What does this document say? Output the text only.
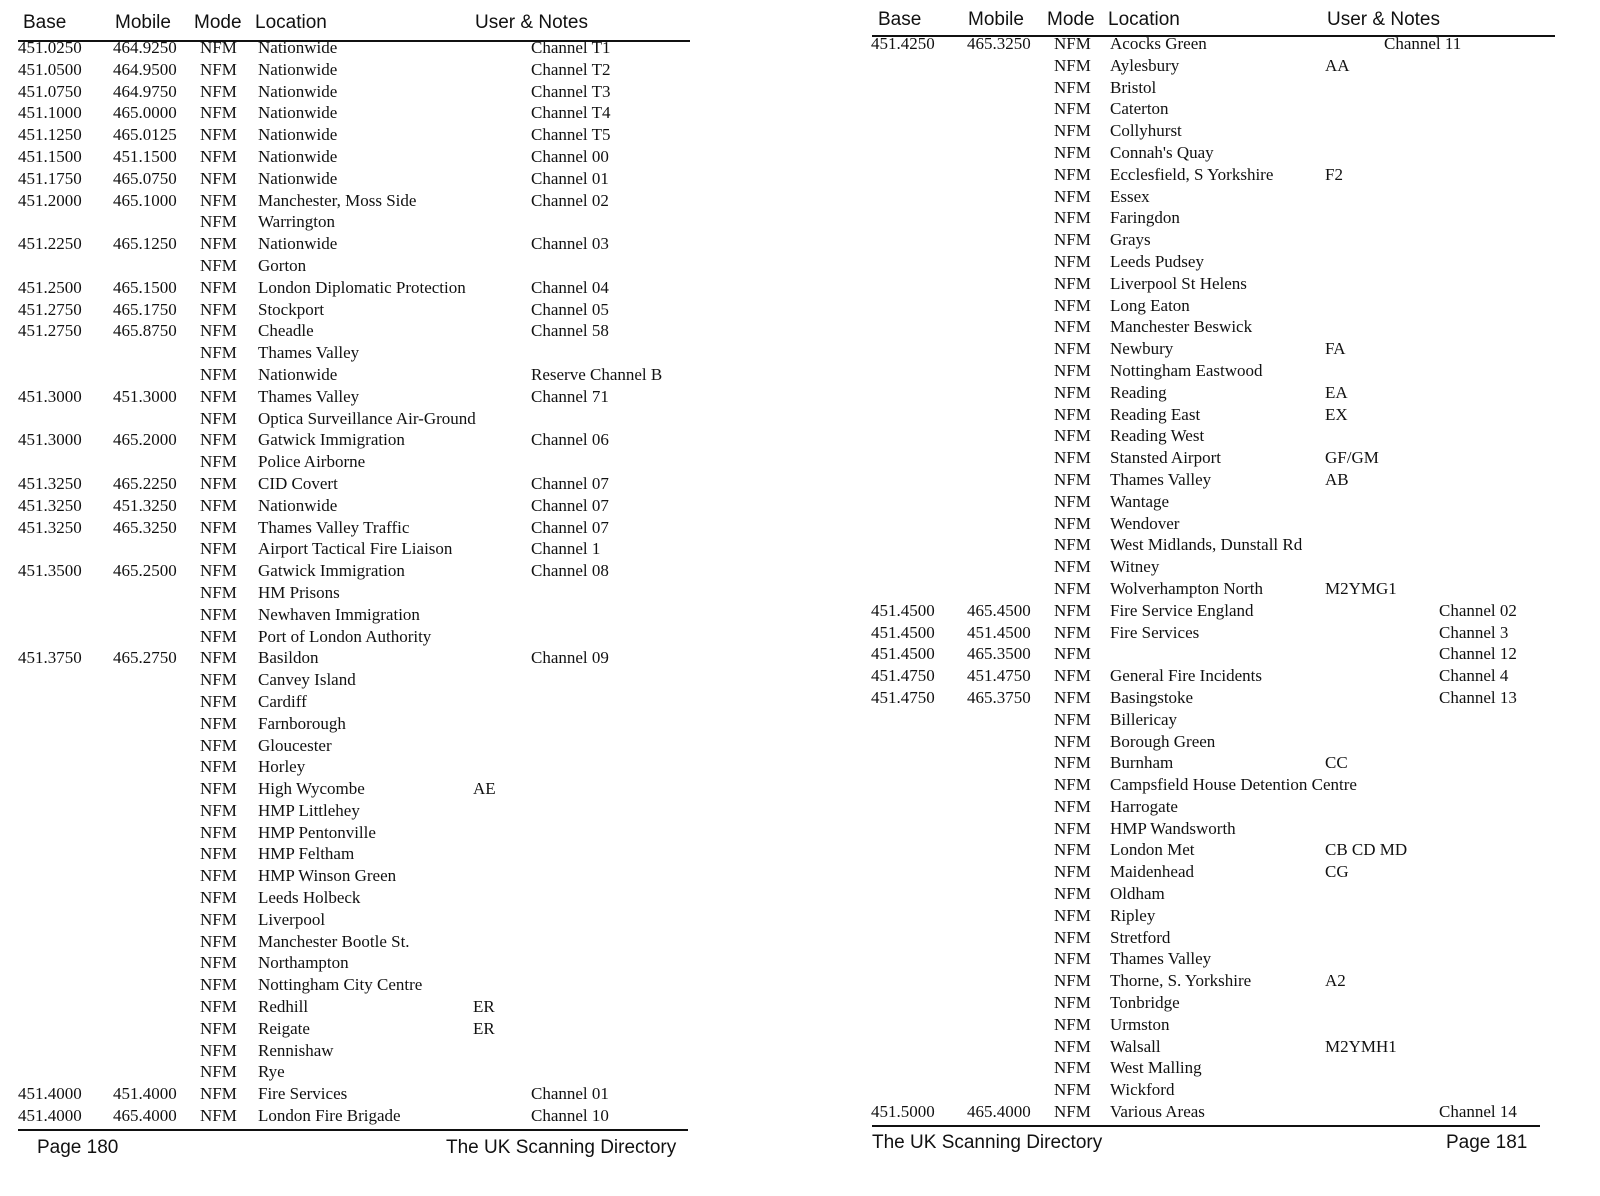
Base	Mobile Mode Location	User & Notes
451.0250 464.9250 NFM Nationwide	Channel T1
451.0500 464.9500 NFM Nationwide	Channel T2
451.0750 464.9750 NFM Nationwide	Channel T3
451.1000 465.0000 NFM Nationwide	Channel T4
451.1250 465.0125 NFM Nationwide	Channel T5
451.1500 451.1500 NFM Nationwide	Channel 00
451.1750 465.0750 NFM Nationwide	Channel 01
451.2000 465.1000 NFM Manchester, Moss Side	Channel 02
NFM Warrington
451.2250 465.1250 NFM Nationwide	Channel 03
NFM Gorton
451.2500 465.1500 NFM London Diplomatic Protection	Channel 04
451.2750 465.1750 NFM Stockport	Channel 05
451.2750 465.8750 NFM Cheadle	Channel 58
NFM Thames Valley
NFM Nationwide	Reserve Channel B
451.3000 451.3000 NFM Thames Valley	Channel 71
NFM Optica Surveillance Air-Ground
451.3000 465.2000 NFM Gatwick Immigration	Channel 06
NFM Police Airborne
451.3250 465.2250 NFM CID Covert	Channel 07
451.3250 451.3250 NFM Nationwide	Channel 07
451.3250 465.3250 NFM Thames Valley Traffic	Channel 07
NFM Airport Tactical Fire Liaison	Channel 1
451.3500 465.2500 NFM Gatwick Immigration	Channel 08
NFM HM Prisons
NFM Newhaven Immigration
NFM Port of London Authority
451.3750 465.2750 NFM Basildon	Channel 09
NFM Canvey Island
NFM Cardiff
NFM Farnborough
NFM Gloucester
NFM Horley
NFM High Wycombe	AE
NFM HMP Littlehey
NFM HMP Pentonville
NFM HMP Feltham
NFM HMP Winson Green
NFM Leeds Holbeck
NFM Liverpool
NFM Manchester Bootle St.
NFM Northampton
NFM Nottingham City Centre
NFM Redhill	ER
NFM Reigate	ER
NFM Rennishaw
NFM Rye
451.4000 451.4000 NFM Fire Services	Channel 01
451.4000 465.4000 NFM London Fire Brigade	Channel 10
Page 180	The UK Scanning Directory
Base Mobile Mode Location	User & Notes
451.4250 465.3250 NFM Acocks Green	Channel 11
NFM Aylesbury	AA
NFM Bristol
NFM Caterton
NFM Collyhurst
NFM Connah's Quay
NFM Ecclesfield, S Yorkshire	F2
NFM Essex
NFM Faringdon
NFM Grays
NFM Leeds Pudsey
NFM Liverpool St Helens
NFM Long Eaton
NFM Manchester Beswick
NFM Newbury	FA
NFM Nottingham Eastwood
NFM Reading	EA
NFM Reading East	EX
NFM Reading West
NFM Stansted Airport	GF/GM
NFM Thames Valley	AB
NFM Wantage
NFM Wendover
NFM West Midlands, Dunstall Rd
NFM Witney
NFM Wolverhampton North	M2YMG1
451.4500 465.4500 NFM Fire Service England	Channel 02
451.4500 451.4500 NFM Fire Services	Channel 3
451.4500 465.3500 NFM	Channel 12
451.4750 451.4750 NFM General Fire Incidents	Channel 4
451.4750 465.3750 NFM Basingstoke	Channel 13
NFM Billericay
NFM Borough Green
NFM Burnham	CC
NFM Campsfield House Detention Centre
NFM Harrogate
NFM HMP Wandsworth
NFM London Met	CB CD MD
NFM Maidenhead	CG
NFM Oldham
NFM Ripley
NFM Stretford
NFM Thames Valley
NFM Thorne, S. Yorkshire	A2
NFM Tonbridge
NFM Urmston
NFM Walsall	M2YMH1
NFM West Malling
NFM Wickford
451.5000 465.4000 NFM Various Areas	Channel 14
The UK Scanning Directory	Page 181
